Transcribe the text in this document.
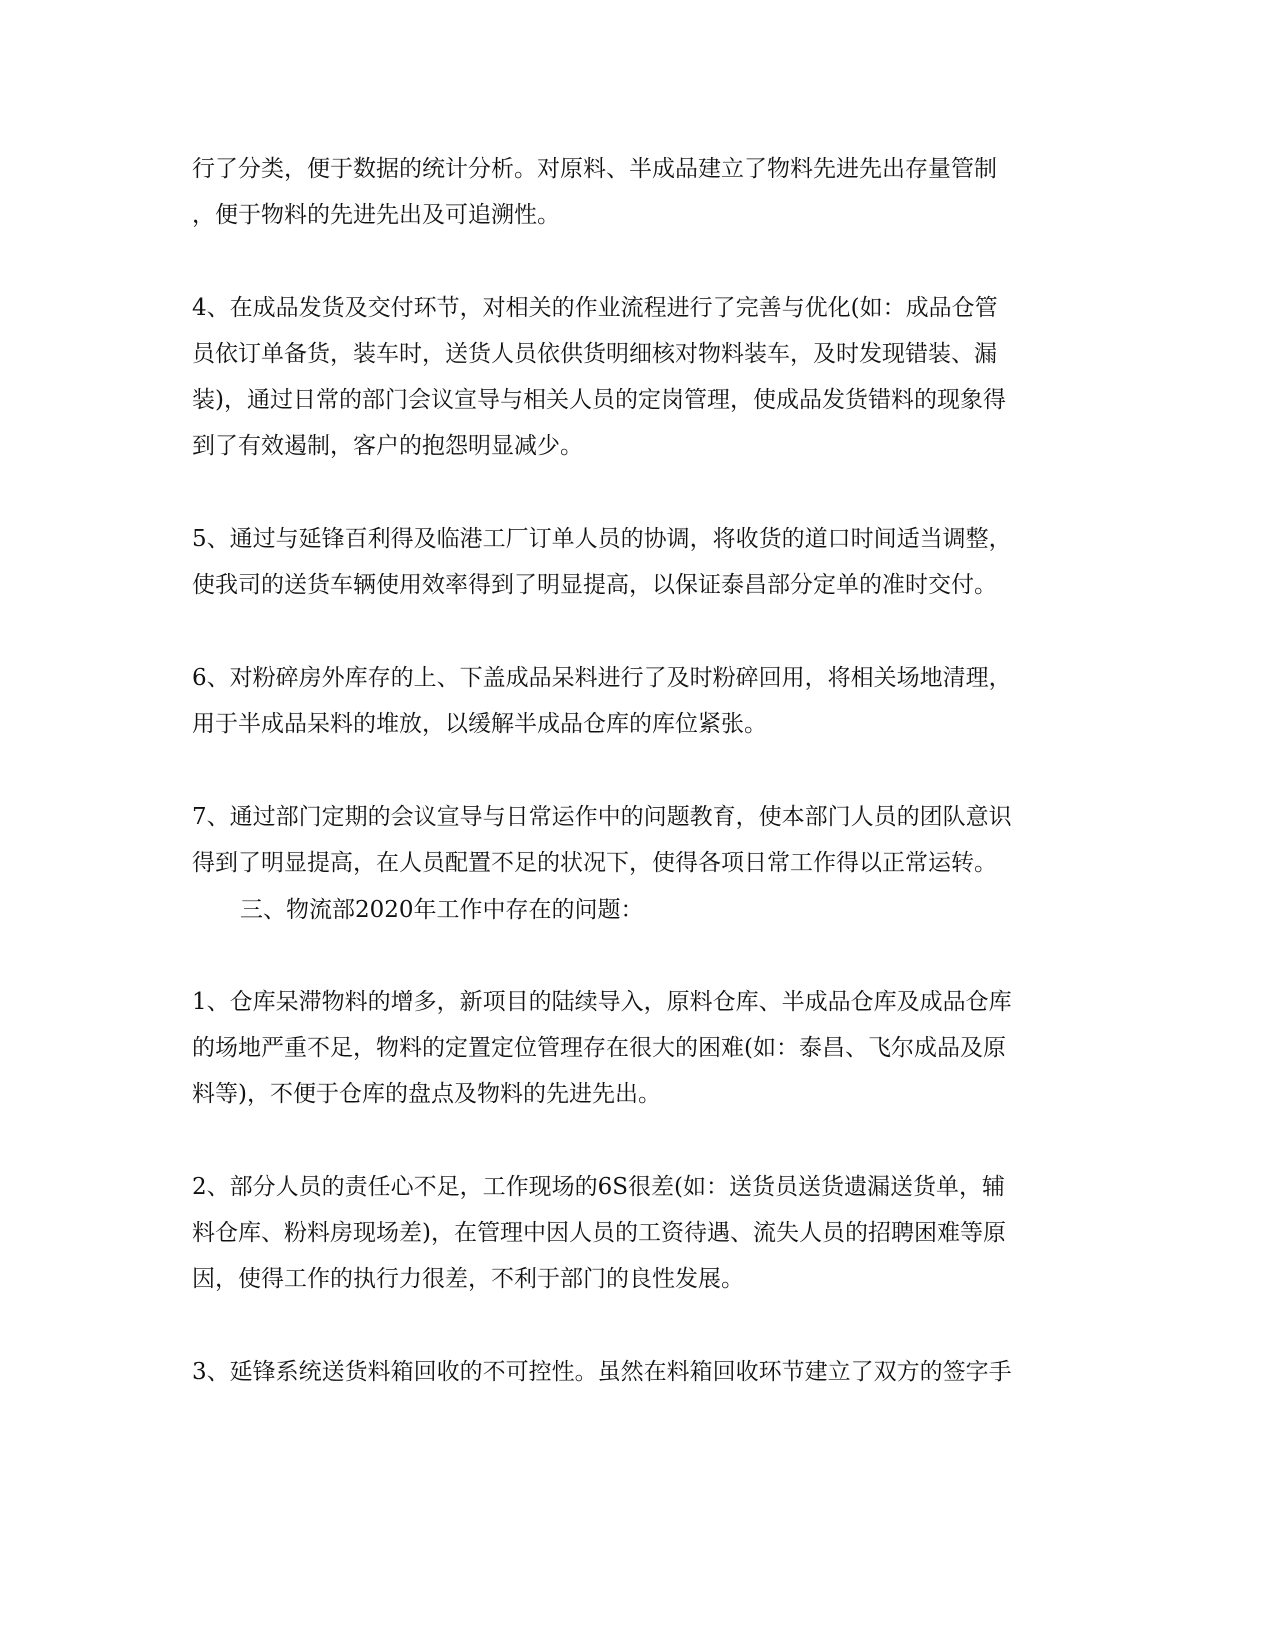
行了分类，便于数据的统计分析。对原料、半成品建立了物料先进先出存量管制
，便于物料的先进先出及可追溯性。
4、在成品发货及交付环节，对相关的作业流程进行了完善与优化(如：成品仓管
员依订单备货，装车时，送货人员依供货明细核对物料装车，及时发现错装、漏
装)，通过日常的部门会议宣导与相关人员的定岗管理，使成品发货错料的现象得
到了有效遏制，客户的抱怨明显减少。
5、通过与延锋百利得及临港工厂订单人员的协调，将收货的道口时间适当调整，
使我司的送货车辆使用效率得到了明显提高，以保证泰昌部分定单的准时交付。
6、对粉碎房外库存的上、下盖成品呆料进行了及时粉碎回用，将相关场地清理，
用于半成品呆料的堆放，以缓解半成品仓库的库位紧张。
7、通过部门定期的会议宣导与日常运作中的问题教育，使本部门人员的团队意识
得到了明显提高，在人员配置不足的状况下，使得各项日常工作得以正常运转。
三、物流部2020年工作中存在的问题：
1、仓库呆滞物料的增多，新项目的陆续导入，原料仓库、半成品仓库及成品仓库
的场地严重不足，物料的定置定位管理存在很大的困难(如：泰昌、飞尔成品及原
料等)，不便于仓库的盘点及物料的先进先出。
2、部分人员的责任心不足，工作现场的6S很差(如：送货员送货遗漏送货单，辅
料仓库、粉料房现场差)，在管理中因人员的工资待遇、流失人员的招聘困难等原
因，使得工作的执行力很差，不利于部门的良性发展。
3、延锋系统送货料箱回收的不可控性。虽然在料箱回收环节建立了双方的签字手
